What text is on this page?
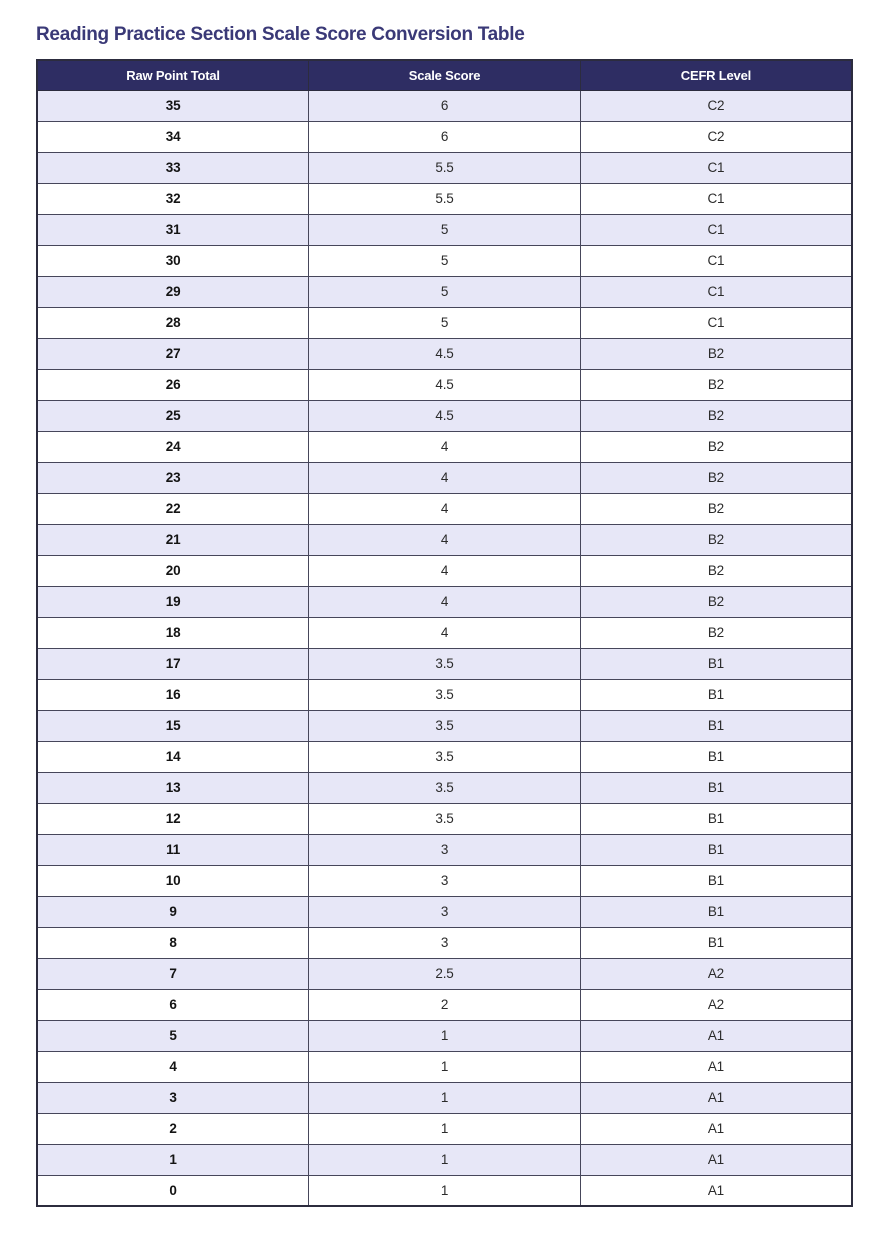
Reading Practice Section Scale Score Conversion Table
Raw Point Total	Scale Score	CEFR Level
35	6	C2
34	6	C2
33	5.5	C1
32	5.5	C1
31	5	C1
30	5	C1
29	5	C1
28	5	C1
27	4.5	B2
26	4.5	B2
25	4.5	B2
24	4	B2
23	4	B2
22	4	B2
21	4	B2
20	4	B2
19	4	B2
18	4	B2
17	3.5	B1
16	3.5	B1
15	3.5	B1
14	3.5	B1
13	3.5	B1
12	3.5	B1
11	3	B1
10	3	B1
9	3	B1
8	3	B1
7	2.5	A2
6	2	A2
5	1	A1
4	1	A1
3	1	A1
2	1	A1
1	1	A1
0	1	A1
